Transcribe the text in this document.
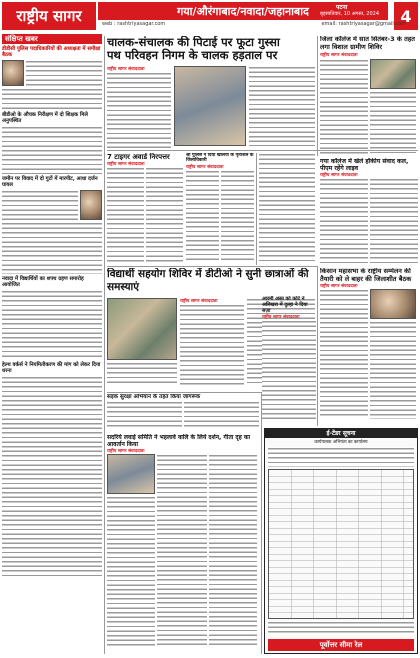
राष्ट्रीय सागर	गया/औरंगाबाद/नवादा/जहानाबाद	4
पटना
बृहस्पतिवार, 10 अगस्त, 2024
web : rashtriyasagar.com	email: rashtriyasagar@gmail.com
संक्षिप्त खबर
डीडीसी पुलिस पदाधिकारियों की अध्यक्षता में समीक्षा बैठक
बीडीओ के औचक निरीक्षण में दो शिक्षक मिले अनुपस्थित
जमीन पर विवाद में दो गुटों में मारपीट, आधा दर्जन घायल
नवादा में विद्यार्थियों का शपथ ग्रहण समारोह आयोजित
हेल्थ वर्कर्स ने नियमितीकरण की मांग को लेकर दिया धरना
चालक-संचालक की पिटाई पर फूटा गुस्सा
पथ परिवहन निगम के चालक हड़ताल पर
राष्ट्रीय सागर संवाददाता
जिला कॉलेज में सात सितंबर-3 के तहत लगा विशाल ग्रामीण शिविर
राष्ट्रीय सागर संवाददाता
7 टाइगर अवार्ड निरपत्तर
राष्ट्रीय सागर संवाददाता
श्री पुलिस ने दिया खेलिया के नृत्यशल के जिलाधिकारी
राष्ट्रीय सागर संवाददाता
गया कॉलेज में खेले हॉकीय संवाद कल, पीएम रहेंगे लाइव
राष्ट्रीय सागर संवाददाता
विद्यार्थी सहयोग शिविर में डीटीओ ने सुनी छात्राओं की समस्याएं
राष्ट्रीय सागर संवाददाता
किसान महासभा के राष्ट्रीय सम्मेलन की तैयारी को ले बाहर की जिलाशीत बैठक
राष्ट्रीय सागर संवाददाता
आरमी अस्त को कोर्ट ने अलिखरा में दुल्हा ने दिया सज़ा
राष्ट्रीय सागर संवाददाता
सड़क सुरक्षा अभियान के तहत किया जागरूक
सदरिये लवाई समिति ने भहलावे वालि के लिये दर्शन, गीता दृह का आवर्तान किया
राष्ट्रीय सागर संवाददाता
ई-टेंडर सूचना
कार्यपालक अभियंता का कार्यालय
पूर्वोत्तर सीमा रेल
